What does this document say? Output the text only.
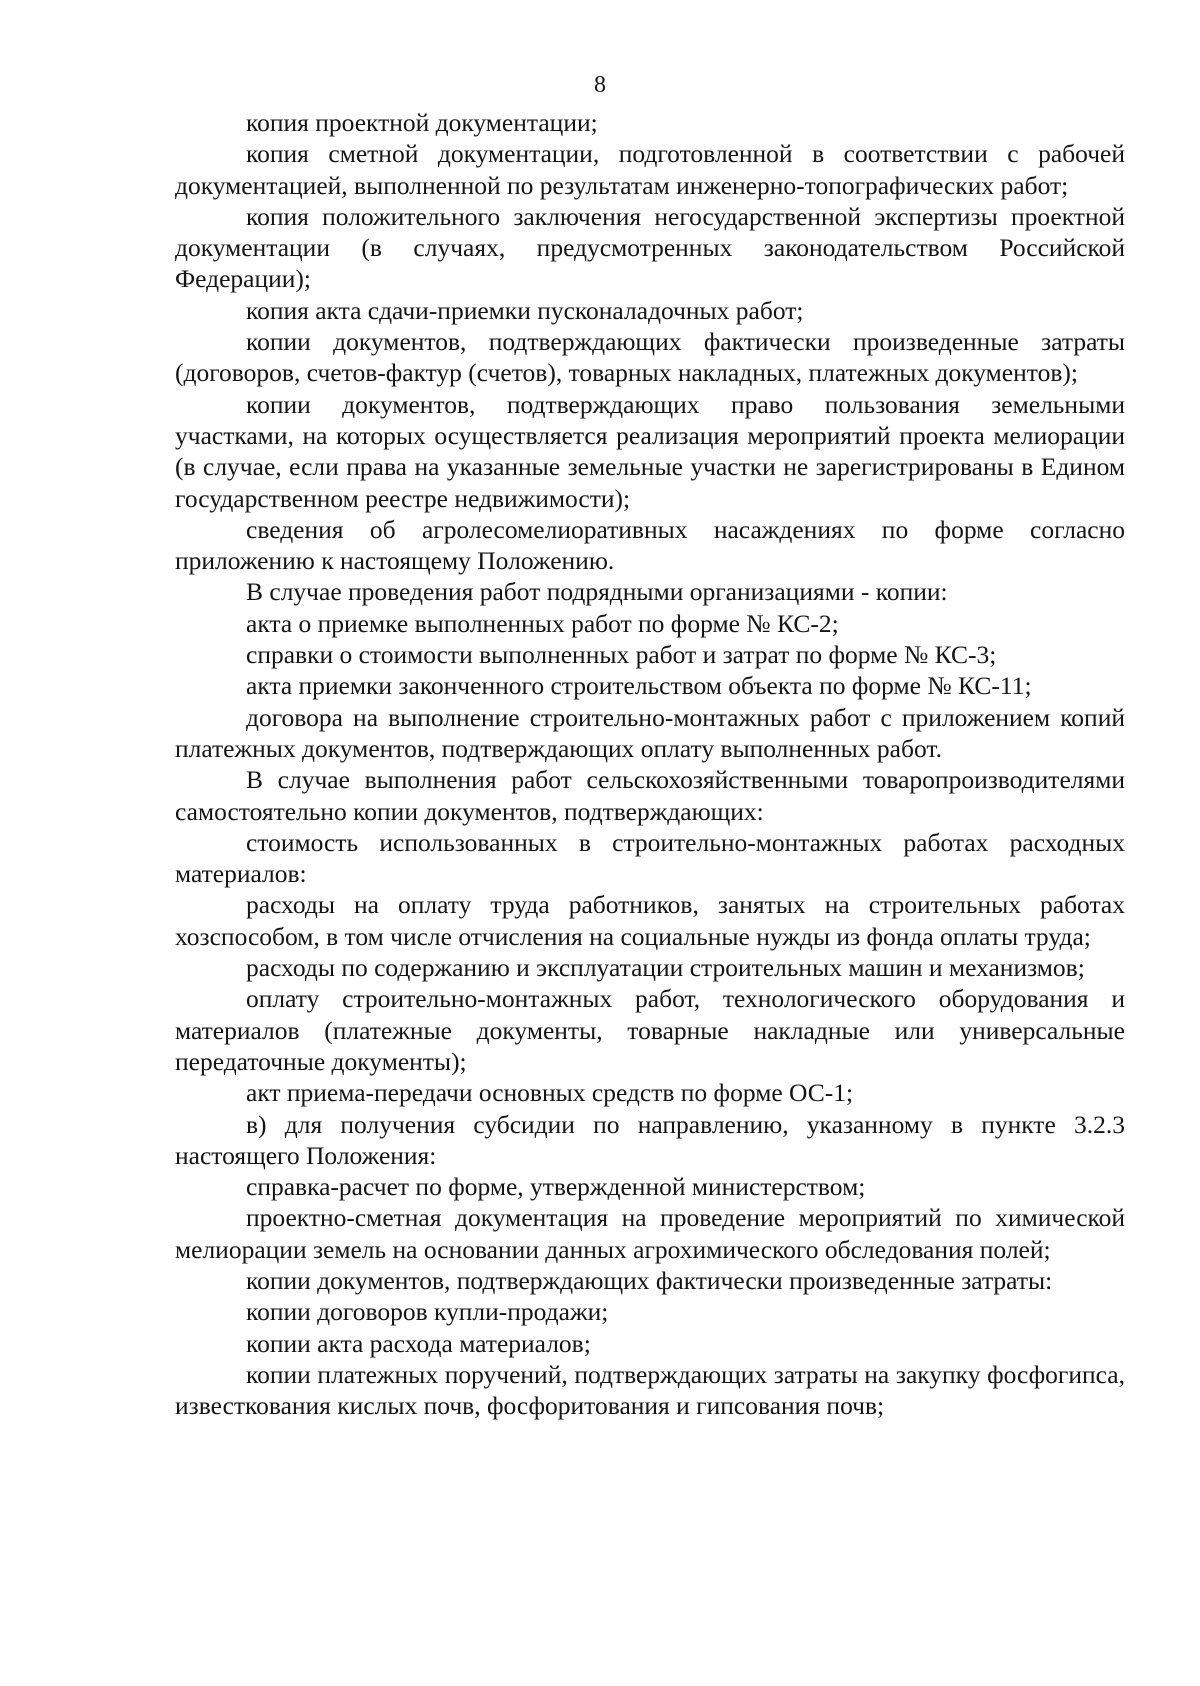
8

копия проектной документации;

копия сметной документации, подготовленной в соответствии с рабочей документацией, выполненной по результатам инженерно-топографических работ;

копия положительного заключения негосударственной экспертизы проектной документации (в случаях, предусмотренных законодательством Российской Федерации);

копия акта сдачи-приемки пусконаладочных работ;

копии документов, подтверждающих фактически произведенные затраты (договоров, счетов-фактур (счетов), товарных накладных, платежных документов);

копии документов, подтверждающих право пользования земельными участками, на которых осуществляется реализация мероприятий проекта мелиорации (в случае, если права на указанные земельные участки не зарегистрированы в Едином государственном реестре недвижимости);

сведения об агролесомелиоративных насаждениях по форме согласно приложению к настоящему Положению.

В случае проведения работ подрядными организациями - копии:

акта о приемке выполненных работ по форме № КС-2;

справки о стоимости выполненных работ и затрат по форме № КС-3;

акта приемки законченного строительством объекта по форме № КС-11;

договора на выполнение строительно-монтажных работ с приложением копий платежных документов, подтверждающих оплату выполненных работ.

В случае выполнения работ сельскохозяйственными товаропроизводителями самостоятельно копии документов, подтверждающих:

стоимость использованных в строительно-монтажных работах расходных материалов:

расходы на оплату труда работников, занятых на строительных работах хозспособом, в том числе отчисления на социальные нужды из фонда оплаты труда;

расходы по содержанию и эксплуатации строительных машин и механизмов;

оплату строительно-монтажных работ, технологического оборудования и материалов (платежные документы, товарные накладные или универсальные передаточные документы);

акт приема-передачи основных средств по форме ОС-1;

в) для получения субсидии по направлению, указанному в пункте 3.2.3 настоящего Положения:

справка-расчет по форме, утвержденной министерством;

проектно-сметная документация на проведение мероприятий по химической мелиорации земель на основании данных агрохимического обследования полей;

копии документов, подтверждающих фактически произведенные затраты:

копии договоров купли-продажи;

копии акта расхода материалов;

копии платежных поручений, подтверждающих затраты на закупку фосфогипса, известкования кислых почв, фосфоритования и гипсования почв;
